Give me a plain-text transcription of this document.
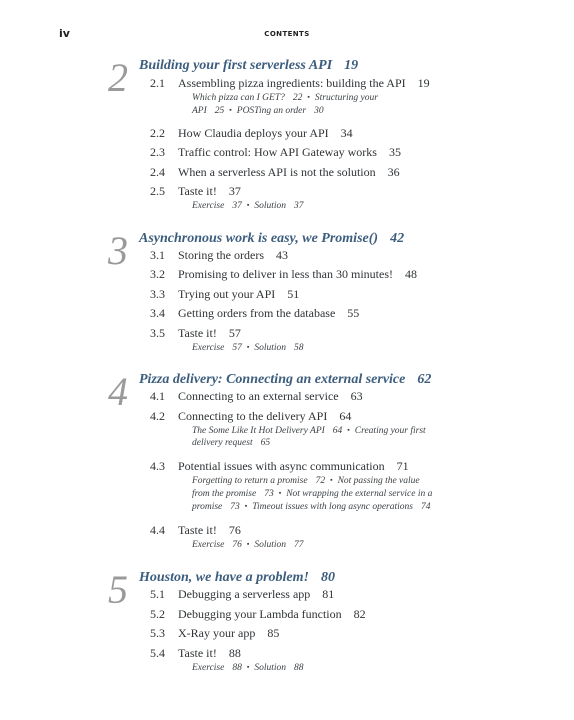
iv	CONTENTS
2 Building your first serverless API 19
2.1 Assembling pizza ingredients: building the API 19
Which pizza can I GET? 22 ▪ Structuring your
API 25 ▪ POSTing an order 30
2.2 How Claudia deploys your API 34
2.3 Traffic control: How API Gateway works 35
2.4 When a serverless API is not the solution 36
2.5 Taste it! 37
Exercise 37 ▪ Solution 37
3 Asynchronous work is easy, we Promise() 42
3.1 Storing the orders 43
3.2 Promising to deliver in less than 30 minutes! 48
3.3 Trying out your API 51
3.4 Getting orders from the database 55
3.5 Taste it! 57
Exercise 57 ▪ Solution 58
4 Pizza delivery: Connecting an external service 62
4.1 Connecting to an external service 63
4.2 Connecting to the delivery API 64
The Some Like It Hot Delivery API 64 ▪ Creating your first
delivery request 65
4.3 Potential issues with async communication 71
Forgetting to return a promise 72 ▪ Not passing the value
from the promise 73 ▪ Not wrapping the external service in a
promise 73 ▪ Timeout issues with long async operations 74
4.4 Taste it! 76
Exercise 76 ▪ Solution 77
5 Houston, we have a problem! 80
5.1 Debugging a serverless app 81
5.2 Debugging your Lambda function 82
5.3 X-Ray your app 85
5.4 Taste it! 88
Exercise 88 ▪ Solution 88
